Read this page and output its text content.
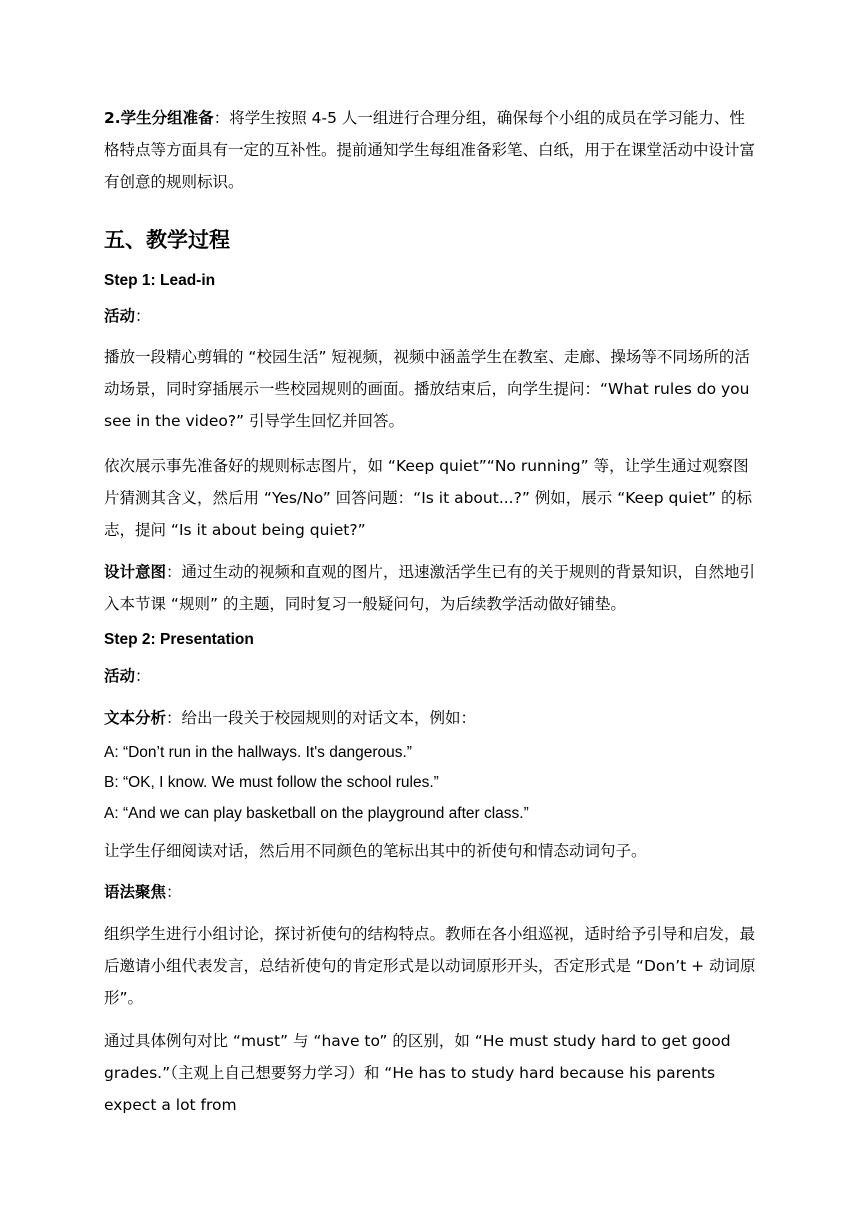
2.学生分组准备：将学生按照 4-5 人一组进行合理分组，确保每个小组的成员在学习能力、性格特点等方面具有一定的互补性。提前通知学生每组准备彩笔、白纸，用于在课堂活动中设计富有创意的规则标识。

五、教学过程

Step 1: Lead-in

活动：

播放一段精心剪辑的 “校园生活” 短视频，视频中涵盖学生在教室、走廊、操场等不同场所的活动场景，同时穿插展示一些校园规则的画面。播放结束后，向学生提问：“What rules do you see in the video?” 引导学生回忆并回答。

依次展示事先准备好的规则标志图片，如 “Keep quiet”“No running” 等，让学生通过观察图片猜测其含义，然后用 “Yes/No” 回答问题：“Is it about...?” 例如，展示 “Keep quiet” 的标志，提问 “Is it about being quiet?”

设计意图：通过生动的视频和直观的图片，迅速激活学生已有的关于规则的背景知识，自然地引入本节课 “规则” 的主题，同时复习一般疑问句，为后续教学活动做好铺垫。

Step 2: Presentation

活动：

文本分析：给出一段关于校园规则的对话文本，例如：

A: “Don’t run in the hallways. It's dangerous.”

B: “OK, I know. We must follow the school rules.”

A: “And we can play basketball on the playground after class.”

让学生仔细阅读对话，然后用不同颜色的笔标出其中的祈使句和情态动词句子。

语法聚焦：

组织学生进行小组讨论，探讨祈使句的结构特点。教师在各小组巡视，适时给予引导和启发，最后邀请小组代表发言，总结祈使句的肯定形式是以动词原形开头，否定形式是 “Don’t + 动词原形”。

通过具体例句对比 “must” 与 “have to” 的区别，如 “He must study hard to get good grades.”（主观上自己想要努力学习）和 “He has to study hard because his parents expect a lot from
